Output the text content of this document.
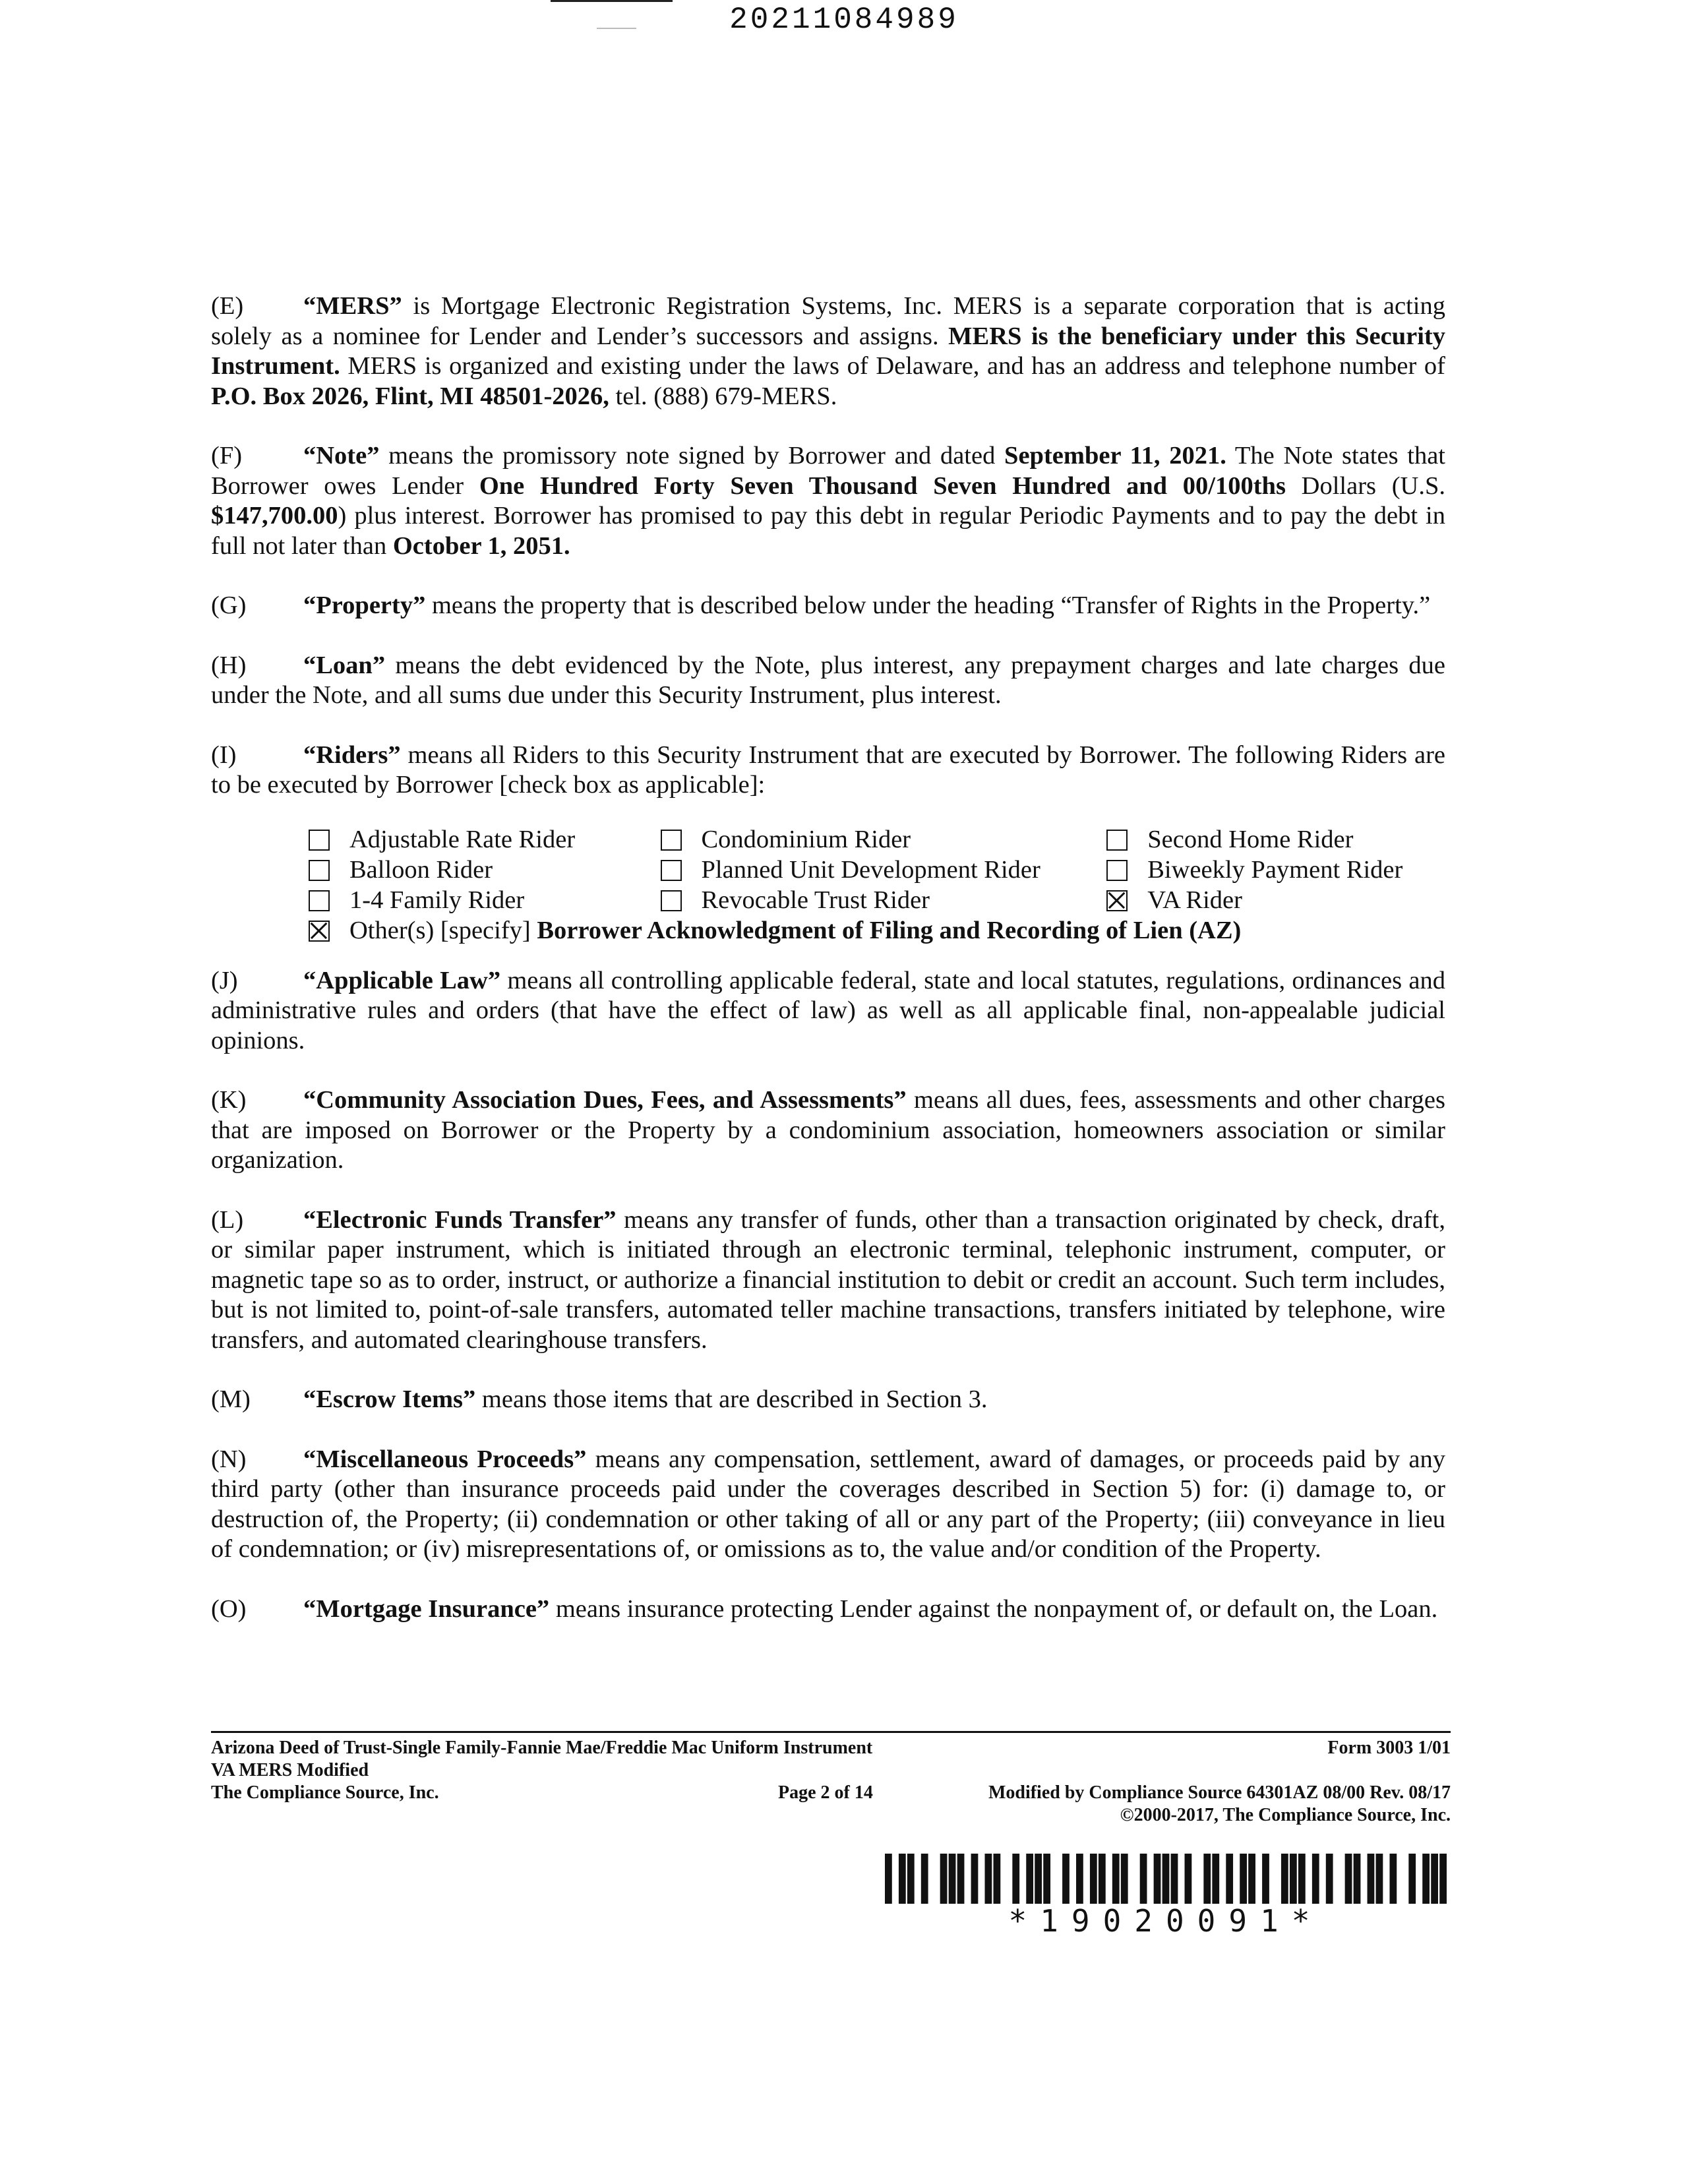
20211084989

(E) “MERS” is Mortgage Electronic Registration Systems, Inc. MERS is a separate corporation that is acting solely as a nominee for Lender and Lender’s successors and assigns. MERS is the beneficiary under this Security Instrument. MERS is organized and existing under the laws of Delaware, and has an address and telephone number of P.O. Box 2026, Flint, MI 48501-2026, tel. (888) 679-MERS.

(F) “Note” means the promissory note signed by Borrower and dated September 11, 2021. The Note states that Borrower owes Lender One Hundred Forty Seven Thousand Seven Hundred and 00/100ths Dollars (U.S. $147,700.00) plus interest. Borrower has promised to pay this debt in regular Periodic Payments and to pay the debt in full not later than October 1, 2051.

(G) “Property” means the property that is described below under the heading “Transfer of Rights in the Property.”

(H) “Loan” means the debt evidenced by the Note, plus interest, any prepayment charges and late charges due under the Note, and all sums due under this Security Instrument, plus interest.

(I)	“Riders” means all Riders to this Security Instrument that are executed by Borrower. The following Riders are to be executed by Borrower [check box as applicable]:

Adjustable Rate Rider	Condominium Rider	Second Home Rider
Balloon Rider	Planned Unit Development Rider	Biweekly Payment Rider
1-4 Family Rider	Revocable Trust Rider	VA Rider
Other(s) [specify]
Borrower Acknowledgment of Filing and Recording of Lien (AZ)

(J)	“Applicable Law” means all controlling applicable federal, state and local statutes, regulations, ordinances and administrative rules and orders (that have the effect of law) as well as all applicable final, non-appealable judicial opinions.

(K) “Community Association Dues, Fees, and Assessments” means all dues, fees, assessments and other charges that are imposed on Borrower or the Property by a condominium association, homeowners association or similar organization.

(L) “Electronic Funds Transfer” means any transfer of funds, other than a transaction originated by check, draft, or similar paper instrument, which is initiated through an electronic terminal, telephonic instrument, computer, or magnetic tape so as to order, instruct, or authorize a financial institution to debit or credit an account. Such term includes, but is not limited to, point-of-sale transfers, automated teller machine transactions, transfers initiated by telephone, wire transfers, and automated clearinghouse transfers.

(M) “Escrow Items” means those items that are described in Section 3.

(N) “Miscellaneous Proceeds” means any compensation, settlement, award of damages, or proceeds paid by any third party (other than insurance proceeds paid under the coverages described in Section 5) for: (i) damage to, or destruction of, the Property; (ii) condemnation or other taking of all or any part of the Property; (iii) conveyance in lieu of condemnation; or (iv) misrepresentations of, or omissions as to, the value and/or condition of the Property.

(O) “Mortgage Insurance” means insurance protecting Lender against the nonpayment of, or default on, the Loan.

Arizona Deed of Trust-Single Family-Fannie Mae/Freddie Mac Uniform Instrument
VA MERS Modified
The Compliance Source, Inc.
Form 3003 1/01
Page 2 of 14	Modified by Compliance Source 64301AZ 08/00 Rev. 08/17
©2000-2017, The Compliance Source, Inc.
*19020091*
